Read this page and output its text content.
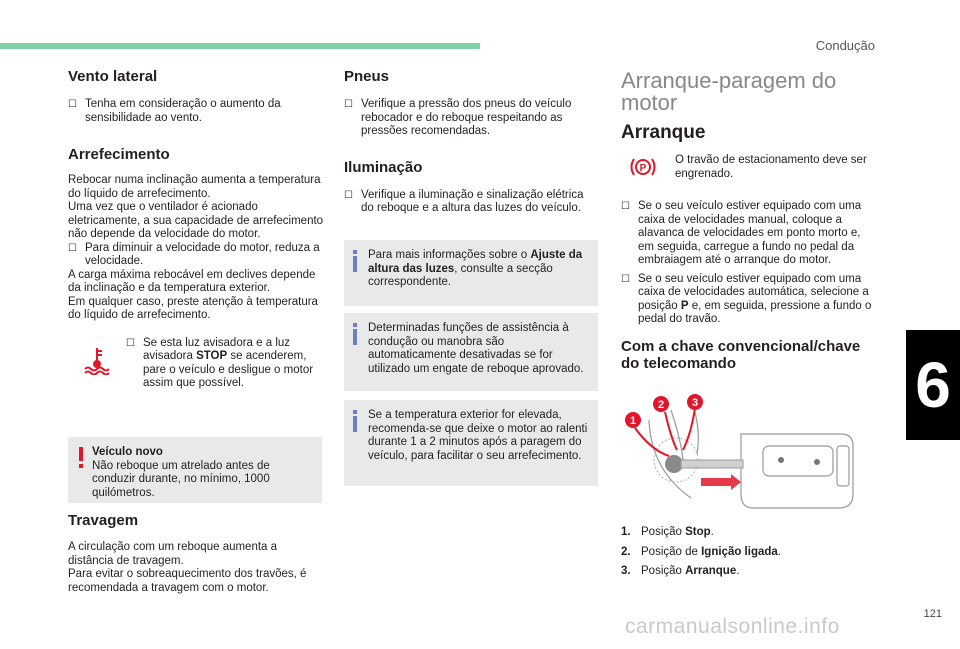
Condução
6
121
Vento lateral
☐ Tenha em consideração o aumento da sensibilidade ao vento.
Arrefecimento

Rebocar numa inclinação aumenta a temperatura do líquido de arrefecimento.

Uma vez que o ventilador é acionado eletricamente, a sua capacidade de arrefecimento não depende da velocidade do motor.

☐ Para diminuir a velocidade do motor, reduza a velocidade.

A carga máxima rebocável em declives depende da inclinação e da temperatura exterior.

Em qualquer caso, preste atenção à temperatura do líquido de arrefecimento.

☐ Se esta luz avisadora e a luz avisadora STOP se acenderem, pare o veículo e desligue o motor assim que possível.
Veículo novo
Não reboque um atrelado antes de conduzir durante, no mínimo, 1000 quilómetros.
Travagem

A circulação com um reboque aumenta a distância de travagem.

Para evitar o sobreaquecimento dos travões, é recomendada a travagem com o motor.

Pneus
☐ Verifique a pressão dos pneus do veículo rebocador e do reboque respeitando as pressões recomendadas.
Iluminação
☐ Verifique a iluminação e sinalização elétrica do reboque e a altura das luzes do veículo.
Para mais informações sobre o Ajuste da altura das luzes, consulte a secção correspondente.
Determinadas funções de assistência à condução ou manobra são automaticamente desativadas se for utilizado um engate de reboque aprovado.
Se a temperatura exterior for elevada, recomenda-se que deixe o motor ao ralenti durante 1 a 2 minutos após a paragem do veículo, para facilitar o seu arrefecimento.
Arranque-paragem do motor
Arranque
P

O travão de estacionamento deve ser engrenado.

☐ Se o seu veículo estiver equipado com uma caixa de velocidades manual, coloque a alavanca de velocidades em ponto morto e, em seguida, carregue a fundo no pedal da embraiagem até o arranque do motor.
☐ Se o seu veículo estiver equipado com uma caixa de velocidades automática, selecione a posição P e, em seguida, pressione a fundo o pedal do travão.
Com a chave convencional/chave do telecomando
1
2	3
1. Posição Stop.
2. Posição de Ignição ligada.
3. Posição Arranque.
carmanualsonline.info
